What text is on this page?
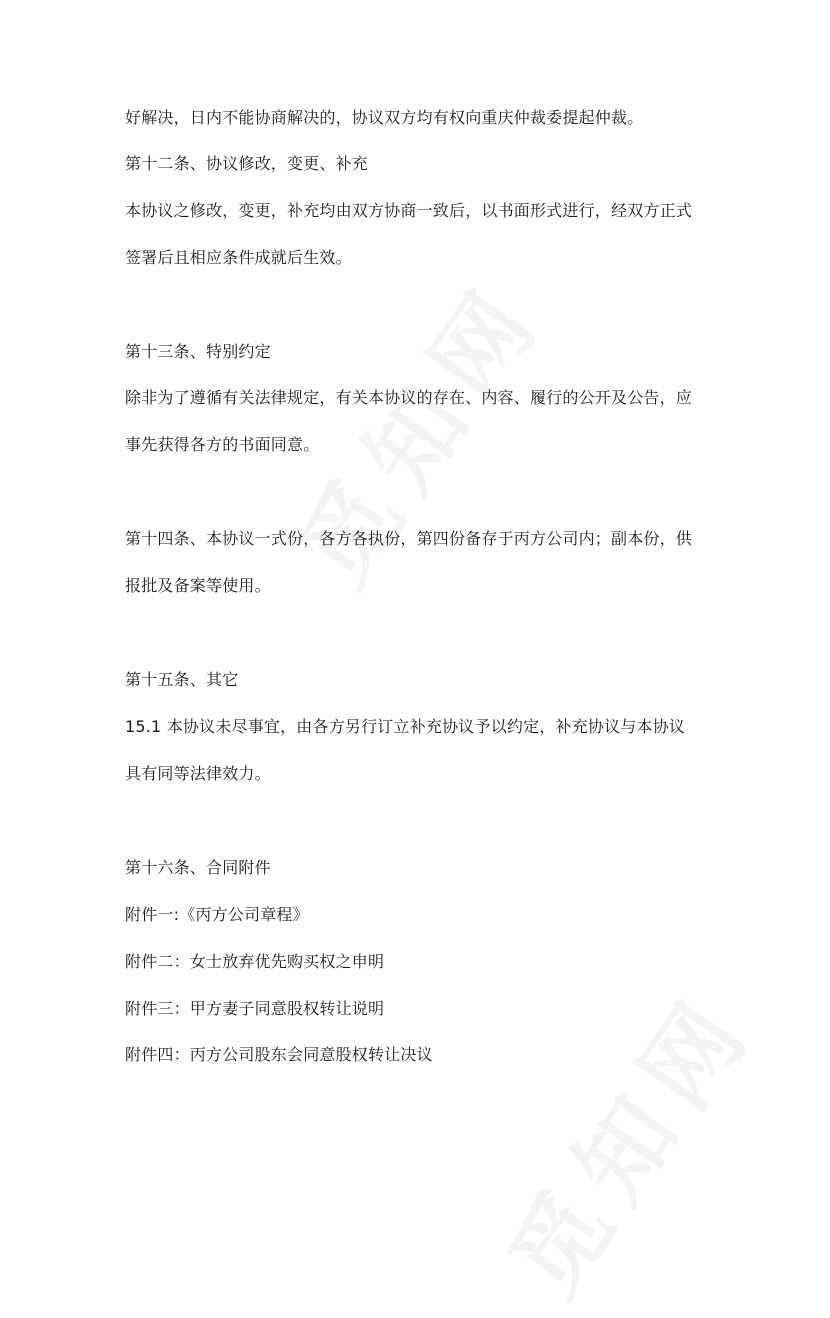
好解决，日内不能协商解决的，协议双方均有权向重庆仲裁委提起仲裁。
第十二条、协议修改，变更、补充
本协议之修改，变更，补充均由双方协商一致后，以书面形式进行，经双方正式
签署后且相应条件成就后生效。
第十三条、特别约定
除非为了遵循有关法律规定，有关本协议的存在、内容、履行的公开及公告，应
事先获得各方的书面同意。
第十四条、本协议一式份，各方各执份，第四份备存于丙方公司内；副本份，供
报批及备案等使用。
第十五条、其它
15.1 本协议未尽事宜，由各方另行订立补充协议予以约定，补充协议与本协议
具有同等法律效力。
第十六条、合同附件
附件一:《丙方公司章程》
附件二：女士放弃优先购买权之申明
附件三：甲方妻子同意股权转让说明
附件四：丙方公司股东会同意股权转让决议
